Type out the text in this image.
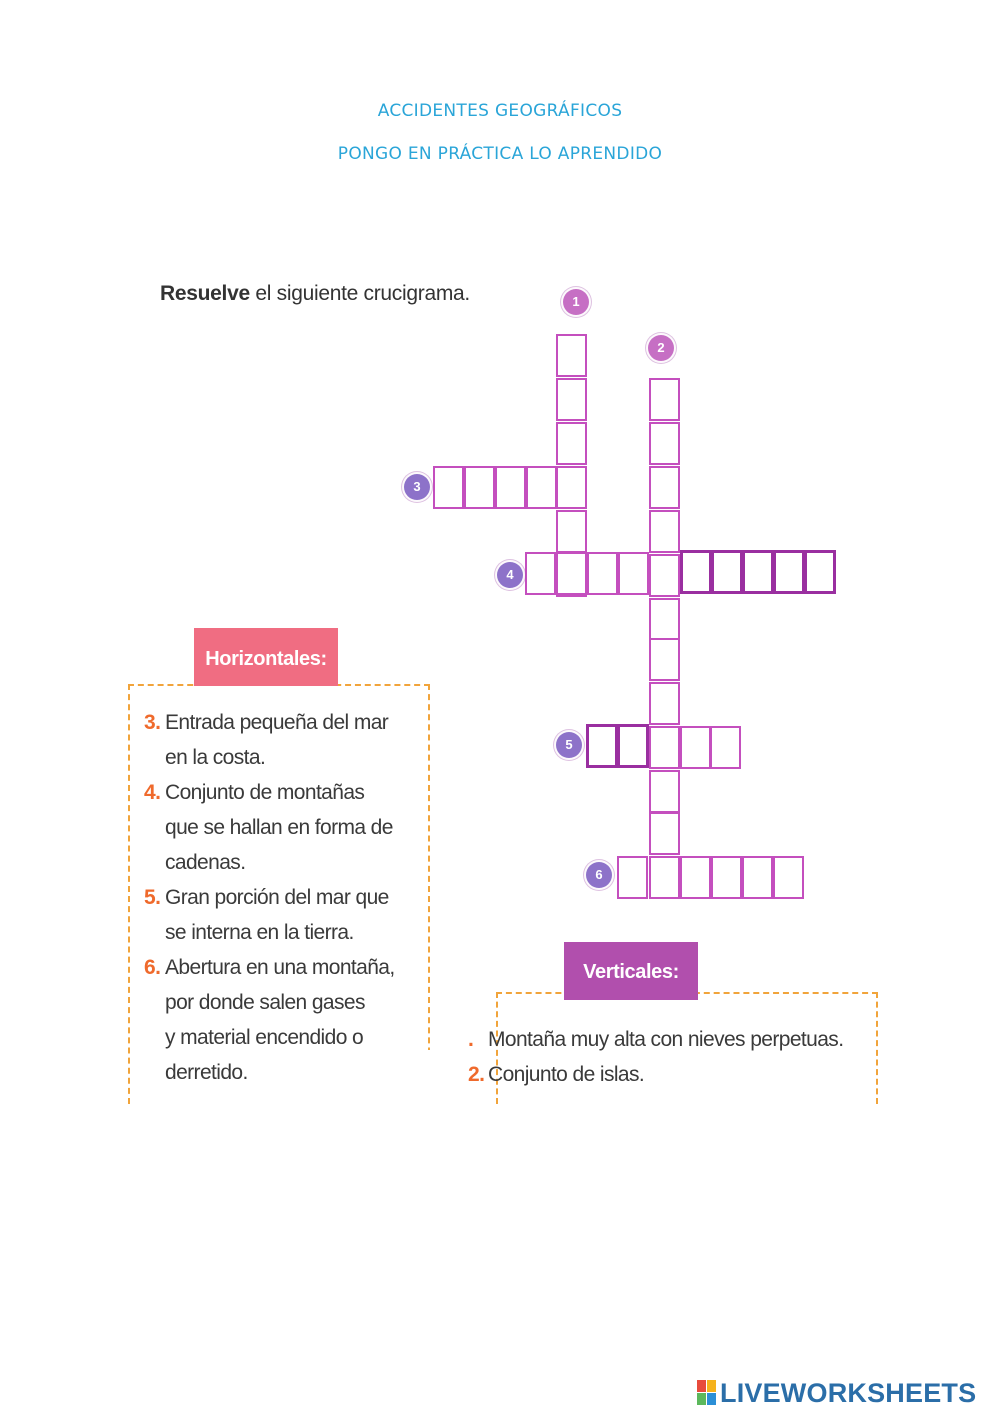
ACCIDENTES GEOGRÁFICOS
PONGO EN PRÁCTICA LO APRENDIDO
Resuelve el siguiente crucigrama.	1
2
3
4
5
6
Horizontales:
3. Entrada pequeña del mar
en la costa.
4. Conjunto de montañas
que se hallan en forma de
cadenas.
5. Gran porción del mar que
se interna en la tierra.
6. Abertura en una montaña,
por donde salen gases
y material encendido o
derretido.
Verticales:
. Montaña muy alta con nieves perpetuas.
2. Conjunto de islas.
LIVEWORKSHEETS
